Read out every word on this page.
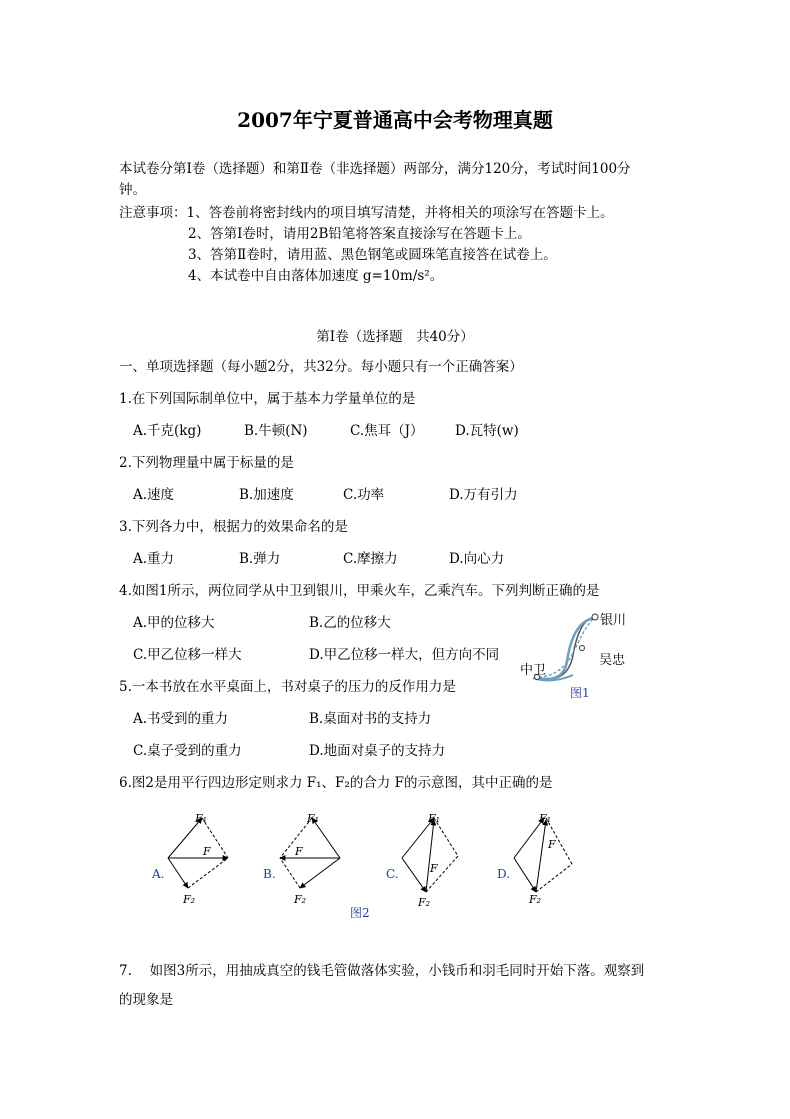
2007年宁夏普通高中会考物理真题
本试卷分第Ⅰ卷（选择题）和第Ⅱ卷（非选择题）两部分，满分120分，考试时间100分
钟。
注意事项：1、答卷前将密封线内的项目填写清楚，并将相关的项涂写在答题卡上。
2、答第Ⅰ卷时，请用2B铅笔将答案直接涂写在答题卡上。
3、答第Ⅱ卷时，请用蓝、黑色钢笔或圆珠笔直接答在试卷上。
4、本试卷中自由落体加速度 g=10m/s²。
第Ⅰ卷（选择题　共40分）
一、单项选择题（每小题2分，共32分。每小题只有一个正确答案）
1.在下列国际制单位中，属于基本力学量单位的是
A.千克(kg)	B.牛顿(N)	C.焦耳（J） D.瓦特(w)
2.下列物理量中属于标量的是
A.速度	B.加速度	C.功率	D.万有引力
3.下列各力中，根据力的效果命名的是
A.重力	B.弹力	C.摩擦力	D.向心力
4.如图1所示，两位同学从中卫到银川，甲乘火车，乙乘汽车。下列判断正确的是
A.甲的位移大	B.乙的位移大
C.甲乙位移一样大	D.甲乙位移一样大，但方向不同
银川
吴忠
中卫
图1
5.一本书放在水平桌面上，书对桌子的压力的反作用力是
A.书受到的重力	B.桌面对书的支持力
C.桌子受到的重力	D.地面对桌子的支持力
6.图2是用平行四边形定则求力 F₁、F₂的合力 F的示意图，其中正确的是
A.	B.	C.	D.
F₁
F
F₂
F₁
F
F₂
F₁
F
F₂
F₁
F
F₂
图2
7.　 如图3所示，用抽成真空的钱毛管做落体实验，小钱币和羽毛同时开始下落。观察到
的现象是
